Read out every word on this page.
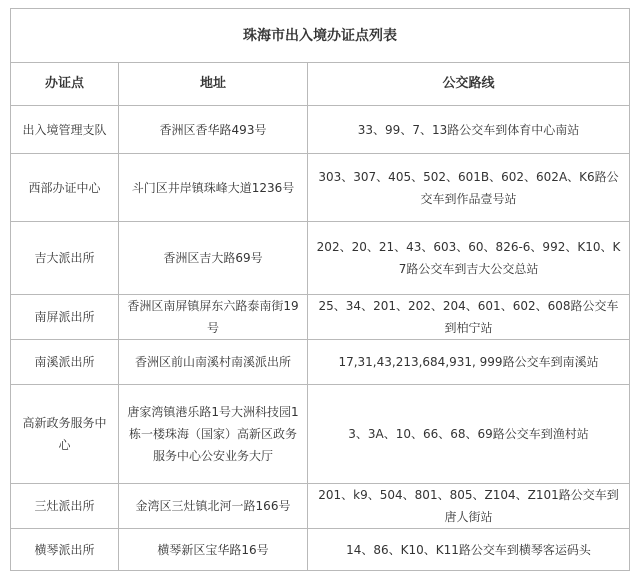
珠海市出入境办证点列表		
办证点	地址	公交路线
出入境管理支队	香洲区香华路493号	33、99、7、13路公交车到体育中心南站
西部办证中心	斗门区井岸镇珠峰大道1236号	303、307、405、502、601B、602、602A、K6路公交车到作品壹号站
吉大派出所	香洲区吉大路69号	202、20、21、43、603、60、826-6、992、K10、K7路公交车到吉大公交总站
南屏派出所	香洲区南屏镇屏东六路泰南街19号	25、34、201、202、204、601、602、608路公交车到柏宁站
南溪派出所	香洲区前山南溪村南溪派出所	17,31,43,213,684,931, 999路公交车到南溪站
高新政务服务中心	唐家湾镇港乐路1号大洲科技园1栋一楼珠海（国家）高新区政务服务中心公安业务大厅	3、3A、10、66、68、69路公交车到渔村站
三灶派出所	金湾区三灶镇北河一路166号	201、k9、504、801、805、Z104、Z101路公交车到唐人街站
横琴派出所	横琴新区宝华路16号	14、86、K10、K11路公交车到横琴客运码头
